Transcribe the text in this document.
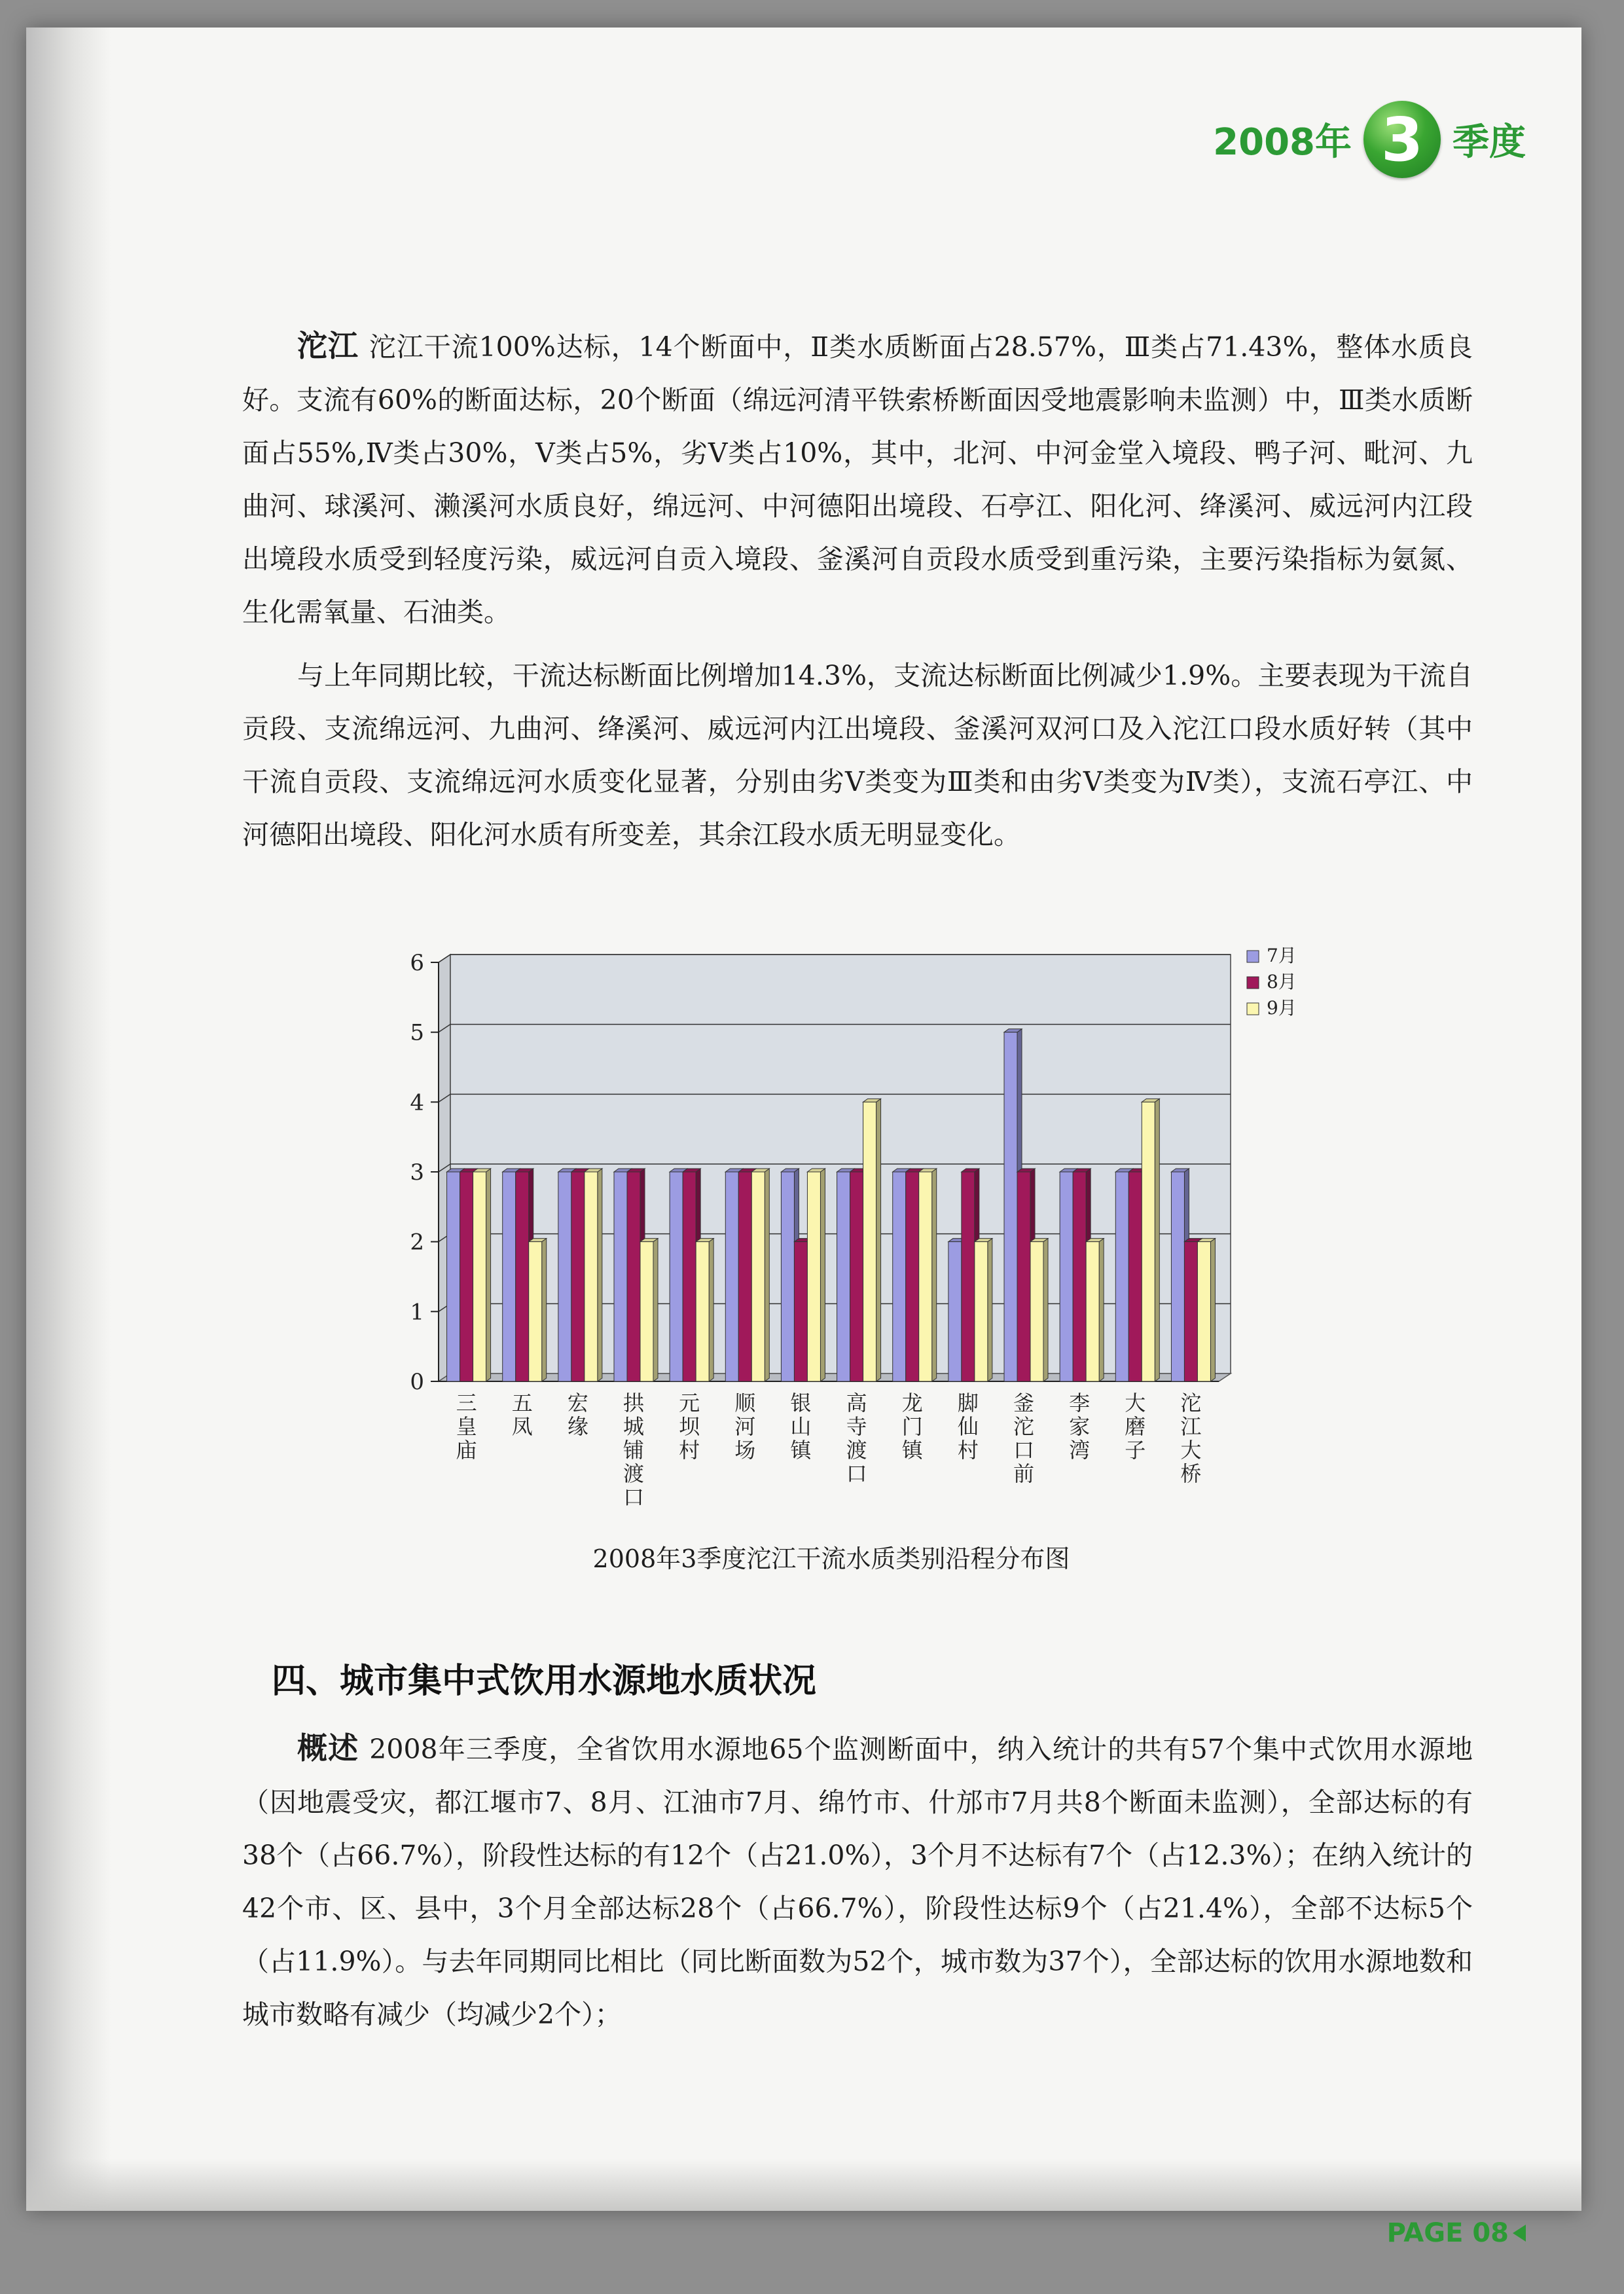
2008年 3 季度

沱江 沱江干流100%达标，14个断面中，Ⅱ类水质断面占28.57%，Ⅲ类占71.43%，整体水质良好。支流有60%的断面达标，20个断面（绵远河清平铁索桥断面因受地震影响未监测）中，Ⅲ类水质断面占55%,Ⅳ类占30%，Ⅴ类占5%，劣Ⅴ类占10%，其中，北河、中河金堂入境段、鸭子河、毗河、九曲河、球溪河、濑溪河水质良好，绵远河、中河德阳出境段、石亭江、阳化河、绛溪河、威远河内江段出境段水质受到轻度污染，威远河自贡入境段、釜溪河自贡段水质受到重污染，主要污染指标为氨氮、生化需氧量、石油类。

与上年同期比较，干流达标断面比例增加14.3%，支流达标断面比例减少1.9%。主要表现为干流自贡段、支流绵远河、九曲河、绛溪河、威远河内江出境段、釜溪河双河口及入沱江口段水质好转（其中干流自贡段、支流绵远河水质变化显著，分别由劣Ⅴ类变为Ⅲ类和由劣Ⅴ类变为Ⅳ类），支流石亭江、中河德阳出境段、阳化河水质有所变差，其余江段水质无明显变化。

0
1
2
3
4
5
6
三皇庙
五凤
宏缘
拱城铺渡口
元坝村
顺河场
银山镇
高寺渡口
龙门镇
脚仙村
釜沱口前
李家湾
大磨子
沱江大桥
7月
8月
9月
2008年3季度沱江干流水质类别沿程分布图
四、城市集中式饮用水源地水质状况

概述 2008年三季度，全省饮用水源地65个监测断面中，纳入统计的共有57个集中式饮用水源地（因地震受灾，都江堰市7、8月、江油市7月、绵竹市、什邡市7月共8个断面未监测），全部达标的有38个（占66.7%），阶段性达标的有12个（占21.0%），3个月不达标有7个（占12.3%）；在纳入统计的42个市、区、县中，3个月全部达标28个（占66.7%），阶段性达标9个（占21.4%），全部不达标5个（占11.9%）。与去年同期同比相比（同比断面数为52个，城市数为37个），全部达标的饮用水源地数和城市数略有减少（均减少2个）；

PAGE 08
